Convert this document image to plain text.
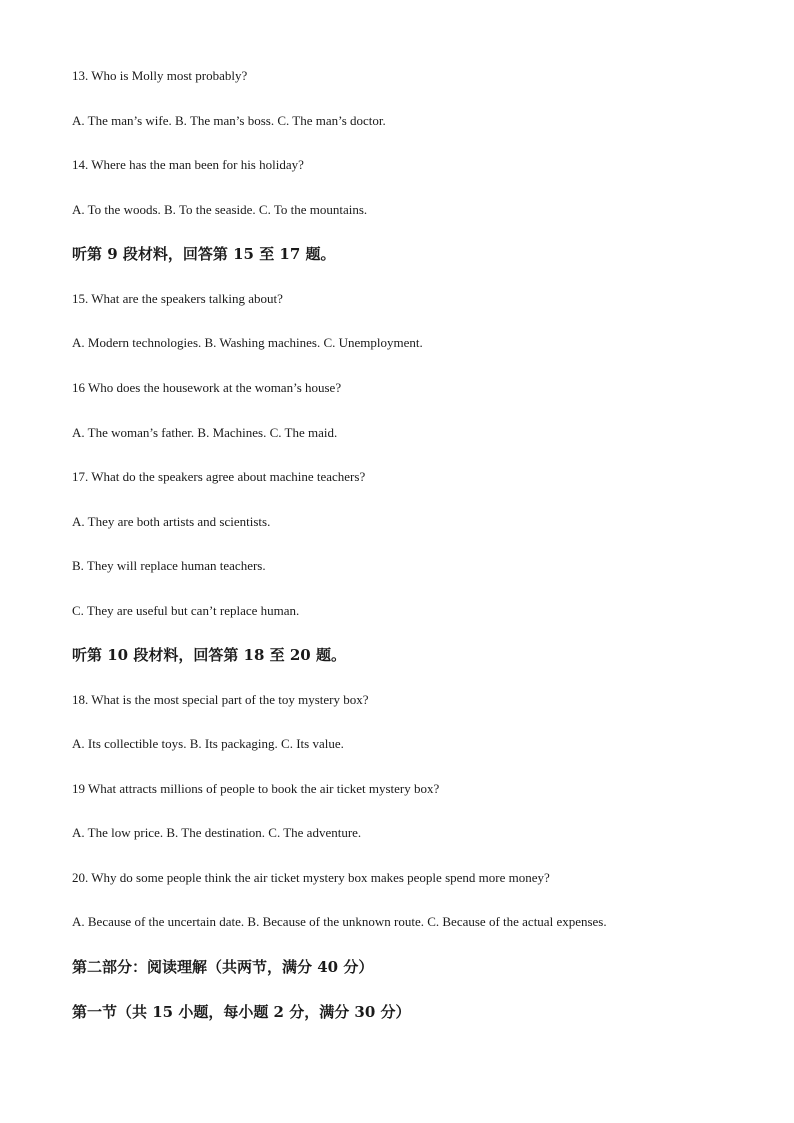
13. Who is Molly most probably?
A. The man’s wife. B. The man’s boss. C. The man’s doctor.
14. Where has the man been for his holiday?
A. To the woods. B. To the seaside. C. To the mountains.
听第 9 段材料，回答第 15 至 17 题。
15. What are the speakers talking about?
A. Modern technologies. B. Washing machines. C. Unemployment.
16 Who does the housework at the woman’s house?
A. The woman’s father. B. Machines. C. The maid.
17. What do the speakers agree about machine teachers?
A. They are both artists and scientists.
B. They will replace human teachers.
C. They are useful but can’t replace human.
听第 10 段材料，回答第 18 至 20 题。
18. What is the most special part of the toy mystery box?
A. Its collectible toys. B. Its packaging. C. Its value.
19 What attracts millions of people to book the air ticket mystery box?
A. The low price. B. The destination. C. The adventure.
20. Why do some people think the air ticket mystery box makes people spend more money?
A. Because of the uncertain date. B. Because of the unknown route. C. Because of the actual expenses.
第二部分：阅读理解（共两节，满分 40 分）
第一节（共 15 小题，每小题 2 分，满分 30 分）
